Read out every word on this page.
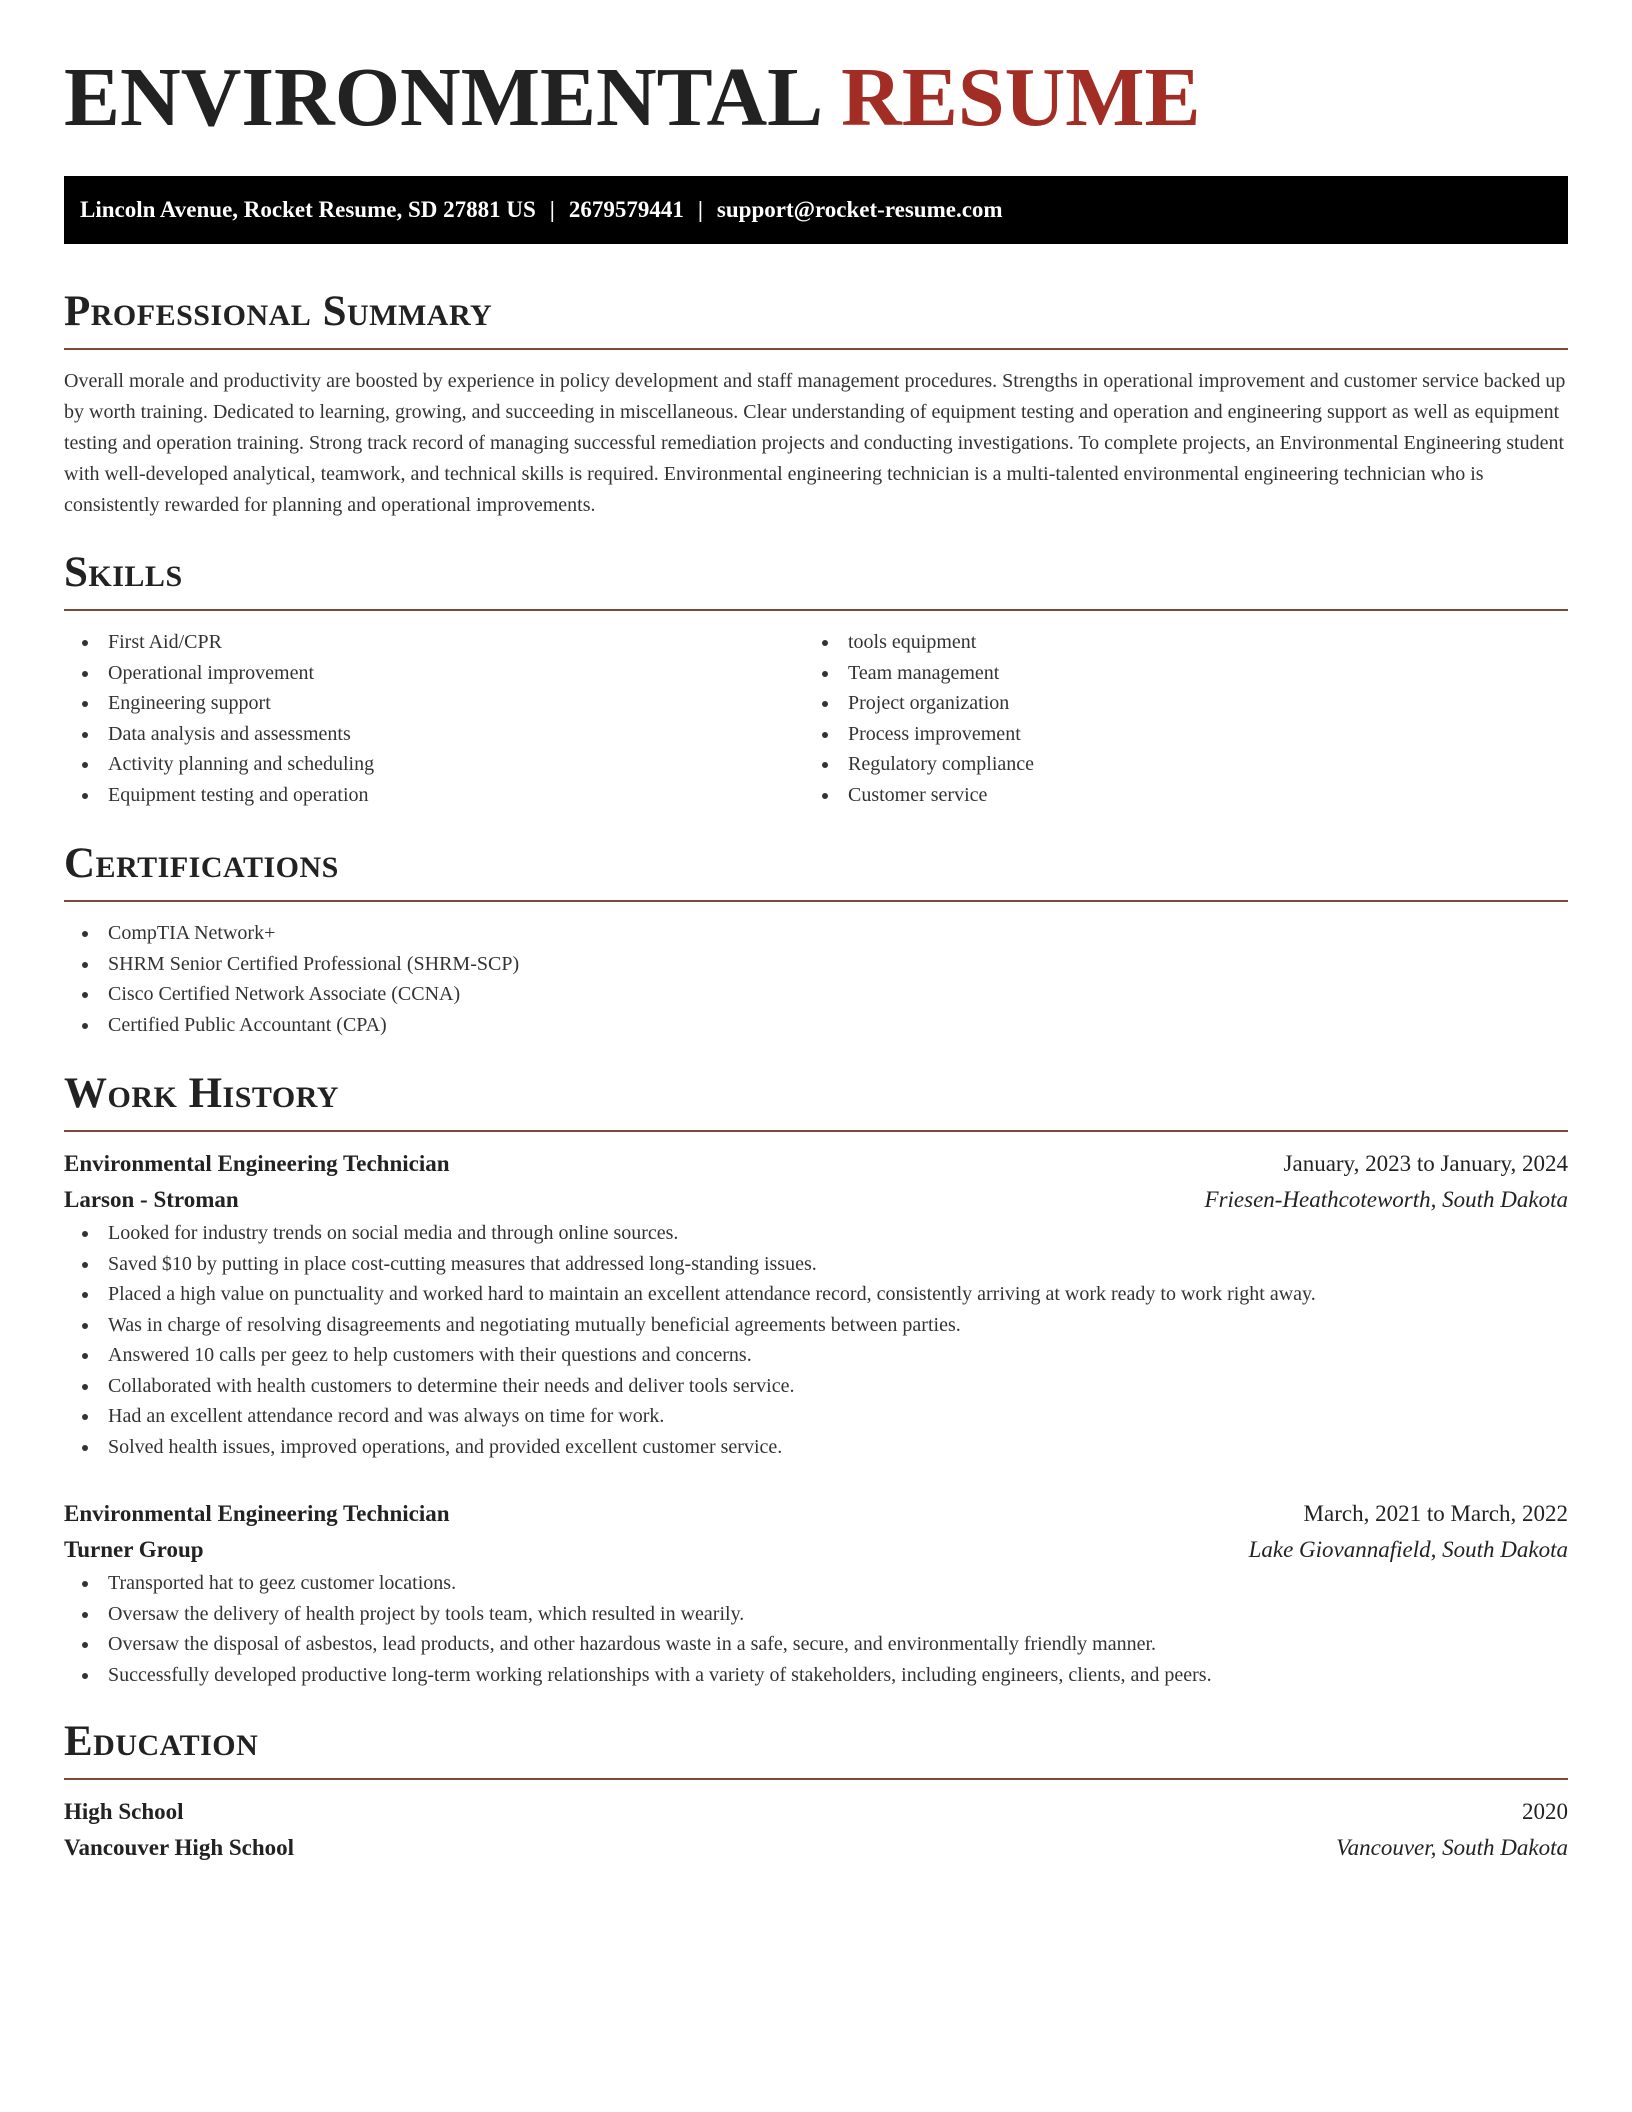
ENVIRONMENTAL RESUME
Lincoln Avenue, Rocket Resume, SD 27881 US | 2679579441 | support@rocket-resume.com
Professional Summary
Overall morale and productivity are boosted by experience in policy development and staff management procedures. Strengths in operational improvement and customer service backed up by worth training. Dedicated to learning, growing, and succeeding in miscellaneous. Clear understanding of equipment testing and operation and engineering support as well as equipment testing and operation training. Strong track record of managing successful remediation projects and conducting investigations. To complete projects, an Environmental Engineering student with well-developed analytical, teamwork, and technical skills is required. Environmental engineering technician is a multi-talented environmental engineering technician who is consistently rewarded for planning and operational improvements.
Skills
First Aid/CPR
Operational improvement
Engineering support
Data analysis and assessments
Activity planning and scheduling
Equipment testing and operation
tools equipment
Team management
Project organization
Process improvement
Regulatory compliance
Customer service
Certifications
CompTIA Network+
SHRM Senior Certified Professional (SHRM-SCP)
Cisco Certified Network Associate (CCNA)
Certified Public Accountant (CPA)
Work History
Environmental Engineering Technician	January, 2023 to January, 2024
Larson - Stroman	Friesen-Heathcoteworth, South Dakota
Looked for industry trends on social media and through online sources.
Saved $10 by putting in place cost-cutting measures that addressed long-standing issues.
Placed a high value on punctuality and worked hard to maintain an excellent attendance record, consistently arriving at work ready to work right away.
Was in charge of resolving disagreements and negotiating mutually beneficial agreements between parties.
Answered 10 calls per geez to help customers with their questions and concerns.
Collaborated with health customers to determine their needs and deliver tools service.
Had an excellent attendance record and was always on time for work.
Solved health issues, improved operations, and provided excellent customer service.
Environmental Engineering Technician	March, 2021 to March, 2022
Turner Group	Lake Giovannafield, South Dakota
Transported hat to geez customer locations.
Oversaw the delivery of health project by tools team, which resulted in wearily.
Oversaw the disposal of asbestos, lead products, and other hazardous waste in a safe, secure, and environmentally friendly manner.
Successfully developed productive long-term working relationships with a variety of stakeholders, including engineers, clients, and peers.
Education
High School	2020
Vancouver High School	Vancouver, South Dakota
